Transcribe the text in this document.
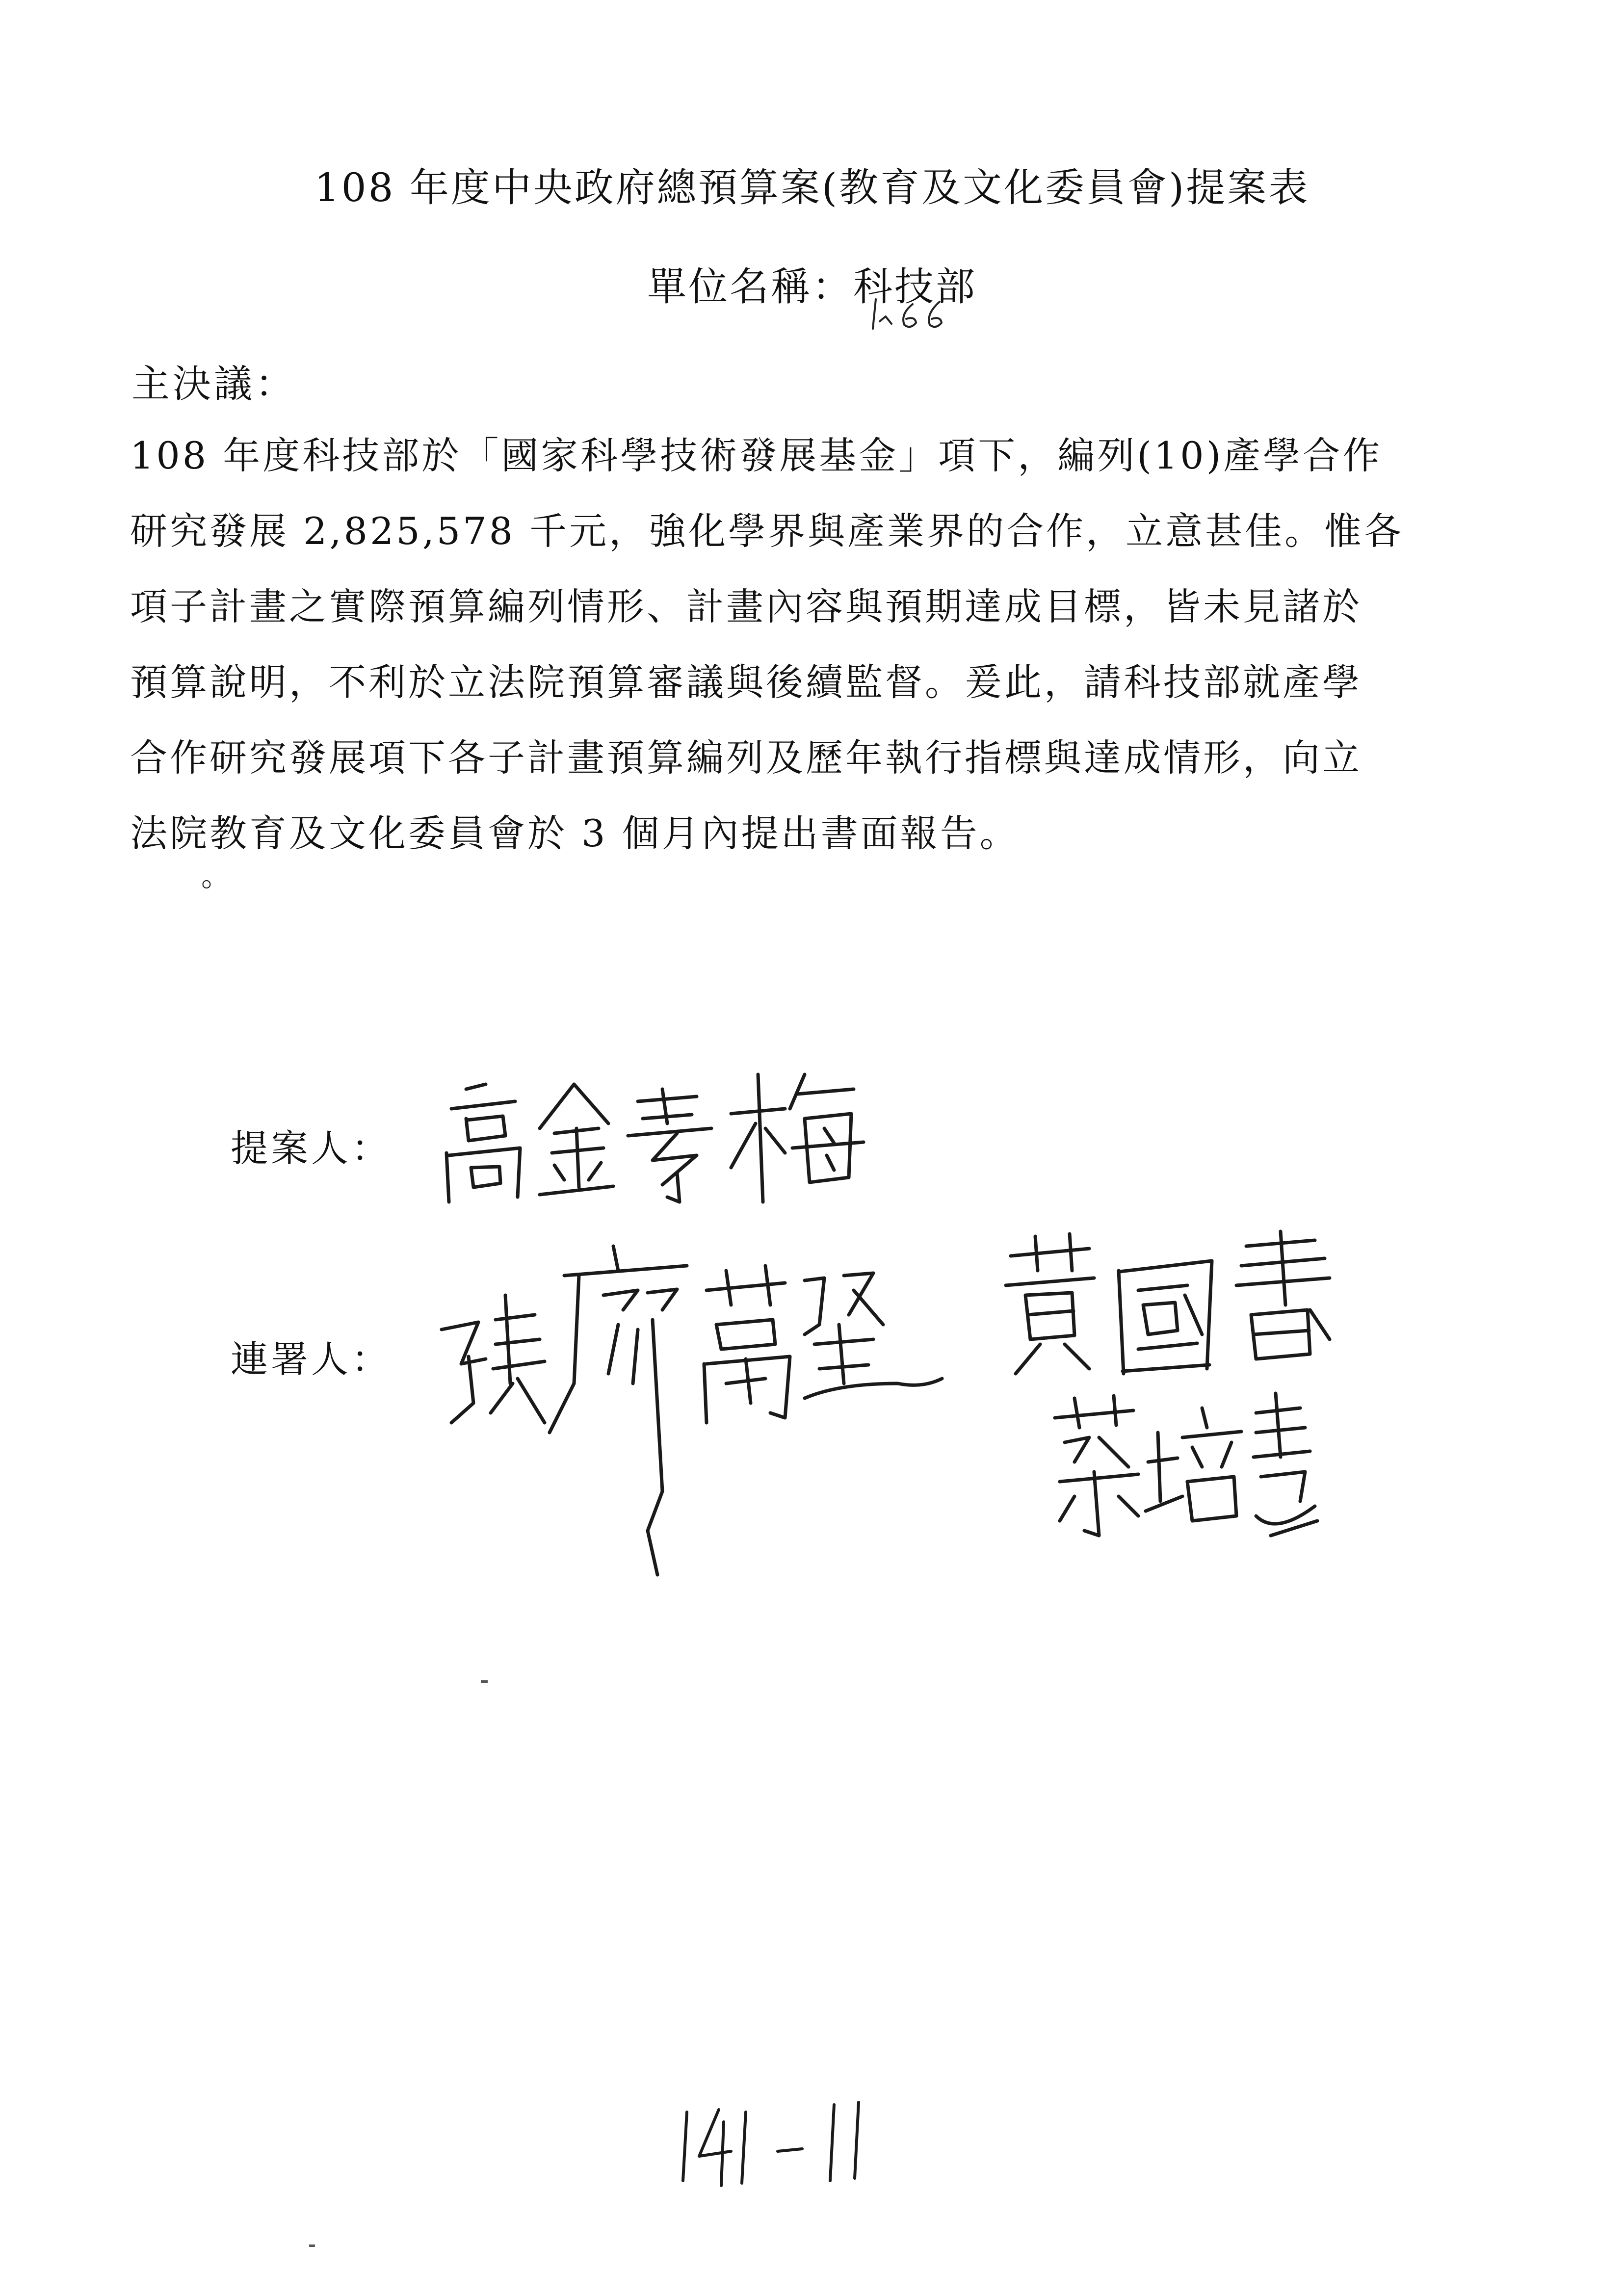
108 年度中央政府總預算案(教育及文化委員會)提案表
單位名稱：科技部
主決議：
108 年度科技部於「國家科學技術發展基金」項下，編列(10)產學合作
研究發展 2,825,578 千元，強化學界與產業界的合作，立意甚佳。惟各
項子計畫之實際預算編列情形、計畫內容與預期達成目標，皆未見諸於
預算說明，不利於立法院預算審議與後續監督。爰此，請科技部就產學
合作研究發展項下各子計畫預算編列及歷年執行指標與達成情形，向立
法院教育及文化委員會於 3 個月內提出書面報告。
。
提案人：
連署人：
